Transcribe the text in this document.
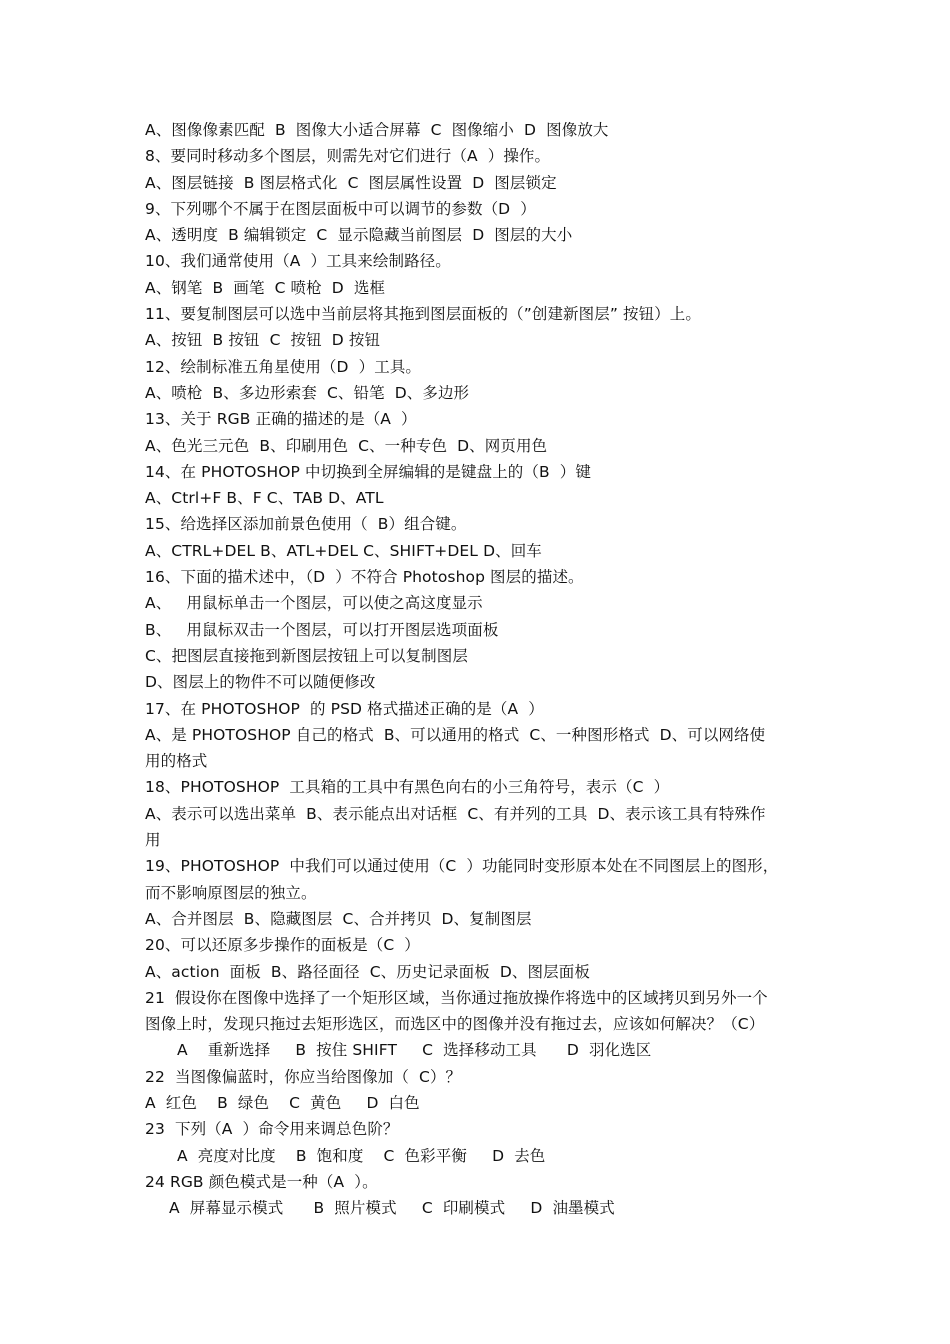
A、图像像素匹配  B  图像大小适合屏幕  C  图像缩小  D  图像放大
8、要同时移动多个图层，则需先对它们进行（A  ）操作。
A、图层链接  B 图层格式化  C  图层属性设置  D  图层锁定
9、下列哪个不属于在图层面板中可以调节的参数（D  ）
A、透明度  B 编辑锁定  C  显示隐藏当前图层  D  图层的大小
10、我们通常使用（A  ）工具来绘制路径。
A、钢笔  B  画笔  C 喷枪  D  选框
11、要复制图层可以选中当前层将其拖到图层面板的（”创建新图层” 按钮）上。
A、按钮  B 按钮  C  按钮  D 按钮
12、绘制标准五角星使用（D  ）工具。
A、喷枪  B、多边形索套  C、铅笔  D、多边形
13、关于 RGB 正确的描述的是（A  ）
A、色光三元色  B、印刷用色  C、一种专色  D、网页用色
14、在 PHOTOSHOP 中切换到全屏编辑的是键盘上的（B  ）键
A、Ctrl+F B、F C、TAB D、ATL
15、给选择区添加前景色使用（  B）组合键。
A、CTRL+DEL B、ATL+DEL C、SHIFT+DEL D、回车
16、下面的描术述中，（D  ）不符合 Photoshop 图层的描述。
A、   用鼠标单击一个图层，可以使之高这度显示
B、   用鼠标双击一个图层，可以打开图层选项面板
C、把图层直接拖到新图层按钮上可以复制图层
D、图层上的物件不可以随便修改
17、在 PHOTOSHOP  的 PSD 格式描述正确的是（A  ）
A、是 PHOTOSHOP 自己的格式  B、可以通用的格式  C、一种图形格式  D、可以网络使
用的格式
18、PHOTOSHOP  工具箱的工具中有黑色向右的小三角符号，表示（C  ）
A、表示可以选出菜单  B、表示能点出对话框  C、有并列的工具  D、表示该工具有特殊作
用
19、PHOTOSHOP  中我们可以通过使用（C  ）功能同时变形原本处在不同图层上的图形，
而不影响原图层的独立。
A、合并图层  B、隐藏图层  C、合并拷贝  D、复制图层
20、可以还原多步操作的面板是（C  ）
A、action  面板  B、路径面径  C、历史记录面板  D、图层面板
21  假设你在图像中选择了一个矩形区域，当你通过拖放操作将选中的区域拷贝到另外一个
图像上时，发现只拖过去矩形选区，而选区中的图像并没有拖过去，应该如何解决？（C）
A    重新选择     B  按住 SHIFT     C  选择移动工具      D  羽化选区
22  当图像偏蓝时，你应当给图像加（  C）？
A  红色    B  绿色    C  黄色     D  白色
23  下列（A  ）命令用来调总色阶？
A  亮度对比度    B  饱和度    C  色彩平衡     D  去色
24 RGB 颜色模式是一种（A  ）。
A  屏幕显示模式      B  照片模式     C  印刷模式     D  油墨模式
